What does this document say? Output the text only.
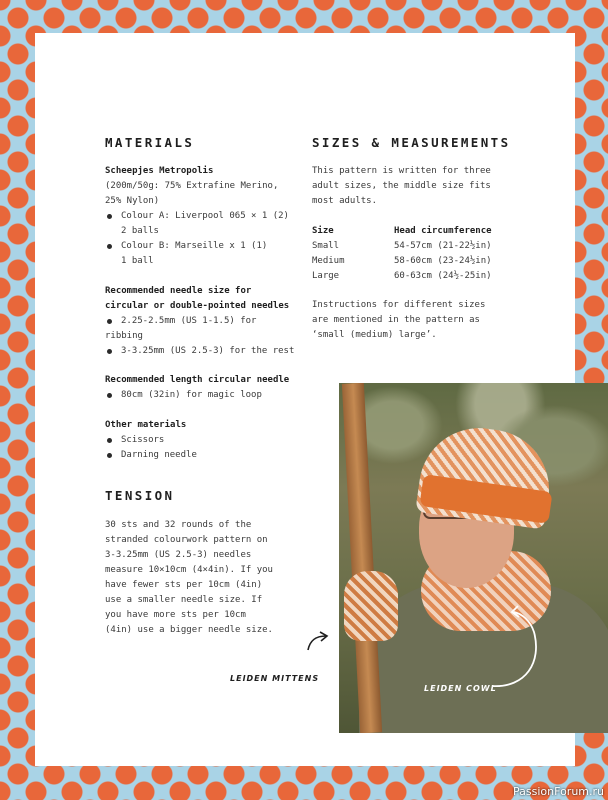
MATERIALS
Scheepjes Metropolis
(200m/50g: 75% Extrafine Merino,
25% Nylon)
Colour A: Liverpool 065 × 1 (2)
2 balls
Colour B: Marseille x 1 (1)
1 ball
Recommended needle size for
circular or double-pointed needles
2.25-2.5mm (US 1-1.5) for
ribbing
3-3.25mm (US 2.5-3) for the rest
Recommended length circular needle
80cm (32in) for magic loop
Other materials
Scissors
Darning needle
TENSION
30 sts and 32 rounds of the
stranded colourwork pattern on
3-3.25mm (US 2.5-3) needles
measure 10×10cm (4×4in). If you
have fewer sts per 10cm (4in)
use a smaller needle size. If
you have more sts per 10cm
(4in) use a bigger needle size.
SIZES & MEASUREMENTS
This pattern is written for three
adult sizes, the middle size fits
most adults.
Size	Head circumference
Small	54-57cm (21-22½in)
Medium	58-60cm (23-24½in)
Large	60-63cm (24½-25in)
Instructions for different sizes
are mentioned in the pattern as
‘small (medium) large’.
LEIDEN MITTENS
LEIDEN COWL
PassionForum.ru
